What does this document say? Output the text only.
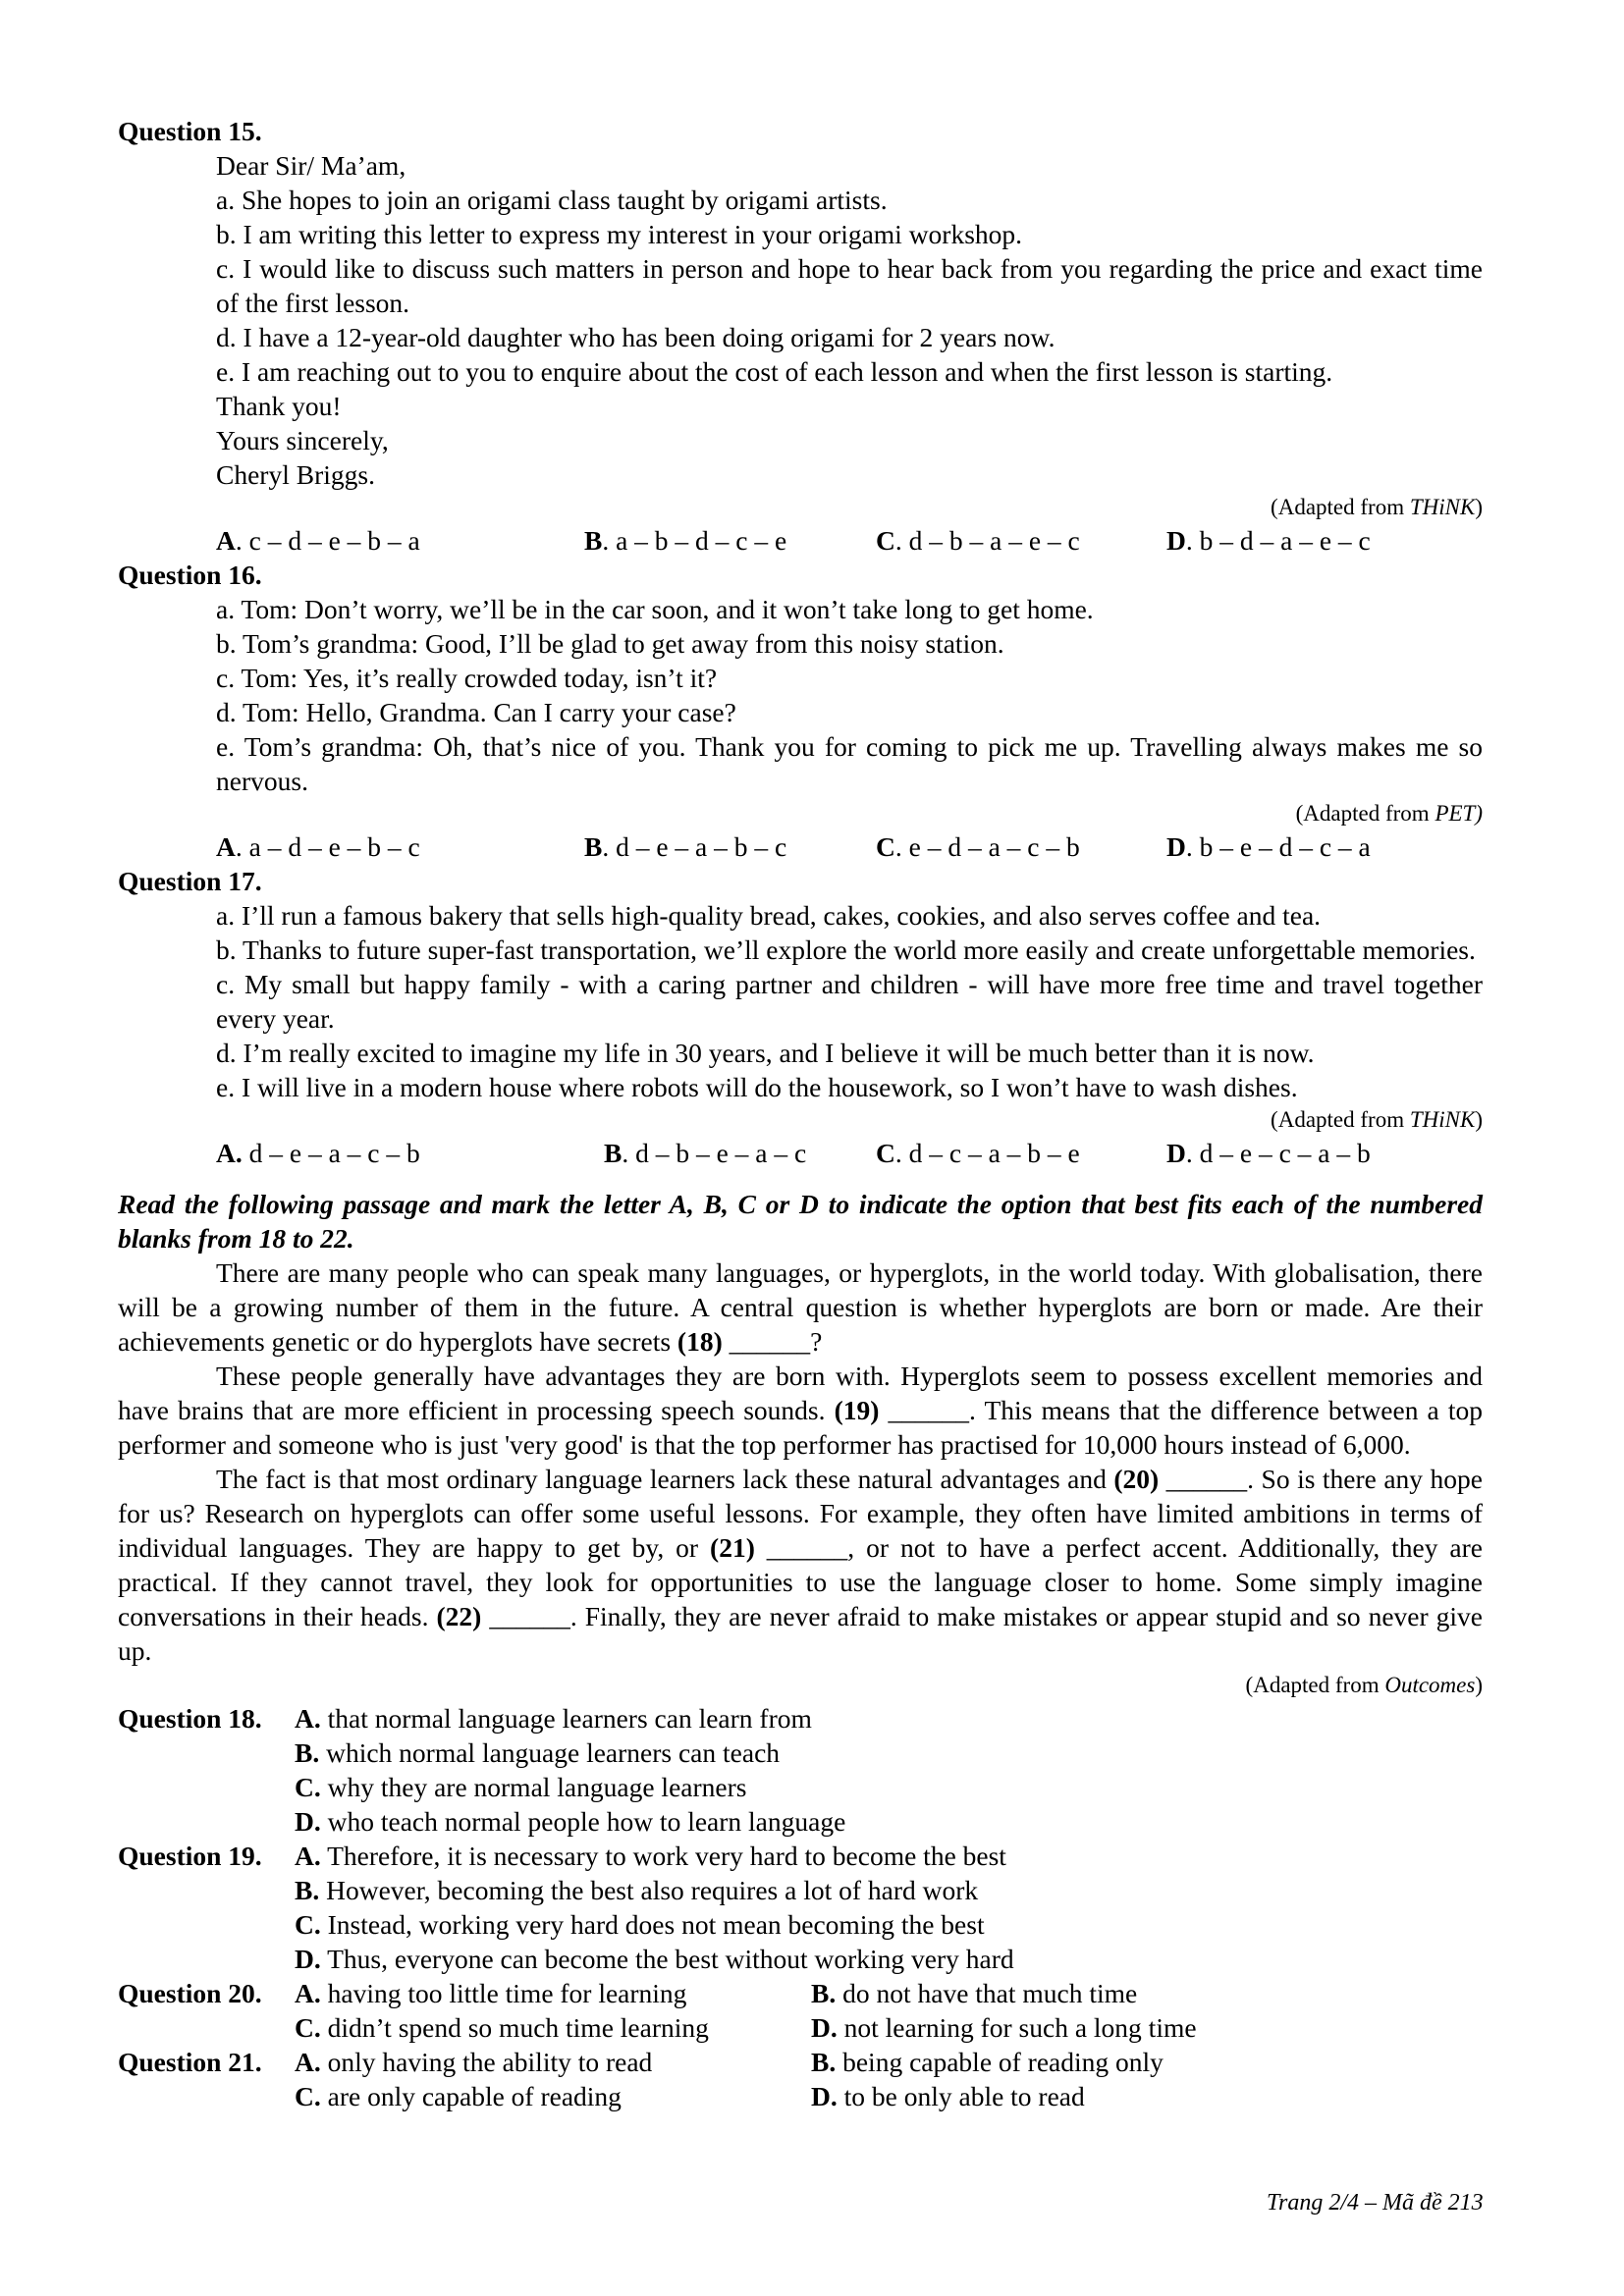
Question 15.
Dear Sir/ Ma’am,
a. She hopes to join an origami class taught by origami artists.
b. I am writing this letter to express my interest in your origami workshop.
c. I would like to discuss such matters in person and hope to hear back from you regarding the price and exact time of the first lesson.
d. I have a 12-year-old daughter who has been doing origami for 2 years now.
e. I am reaching out to you to enquire about the cost of each lesson and when the first lesson is starting.
Thank you!
Yours sincerely,
Cheryl Briggs.
(Adapted from THiNK)
A. c – d – e – b – a	B. a – b – d – c – e	C. d – b – a – e – c	D. b – d – a – e – c
Question 16.
a. Tom: Don’t worry, we’ll be in the car soon, and it won’t take long to get home.
b. Tom’s grandma: Good, I’ll be glad to get away from this noisy station.
c. Tom: Yes, it’s really crowded today, isn’t it?
d. Tom: Hello, Grandma. Can I carry your case?
e. Tom’s grandma: Oh, that’s nice of you. Thank you for coming to pick me up. Travelling always makes me so nervous.
(Adapted from PET)
A. a – d – e – b – c	B. d – e – a – b – c	C. e – d – a – c – b	D. b – e – d – c – a
Question 17.
a. I’ll run a famous bakery that sells high-quality bread, cakes, cookies, and also serves coffee and tea.
b. Thanks to future super-fast transportation, we’ll explore the world more easily and create unforgettable memories.
c. My small but happy family - with a caring partner and children - will have more free time and travel together every year.
d. I’m really excited to imagine my life in 30 years, and I believe it will be much better than it is now.
e. I will live in a modern house where robots will do the housework, so I won’t have to wash dishes.
(Adapted from THiNK)
A. d – e – a – c – b	B. d – b – e – a – c	C. d – c – a – b – e	D. d – e – c – a – b
Read the following passage and mark the letter A, B, C or D to indicate the option that best fits each of the numbered blanks from 18 to 22.
There are many people who can speak many languages, or hyperglots, in the world today. With globalisation, there will be a growing number of them in the future. A central question is whether hyperglots are born or made. Are their achievements genetic or do hyperglots have secrets (18) ______?
These people generally have advantages they are born with. Hyperglots seem to possess excellent memories and have brains that are more efficient in processing speech sounds. (19) ______. This means that the difference between a top performer and someone who is just 'very good' is that the top performer has practised for 10,000 hours instead of 6,000.
The fact is that most ordinary language learners lack these natural advantages and (20) ______. So is there any hope for us? Research on hyperglots can offer some useful lessons. For example, they often have limited ambitions in terms of individual languages. They are happy to get by, or (21) ______, or not to have a perfect accent. Additionally, they are practical. If they cannot travel, they look for opportunities to use the language closer to home. Some simply imagine conversations in their heads. (22) ______. Finally, they are never afraid to make mistakes or appear stupid and so never give up.
(Adapted from Outcomes)
Question 18. A. that normal language learners can learn from
B. which normal language learners can teach
C. why they are normal language learners
D. who teach normal people how to learn language
Question 19. A. Therefore, it is necessary to work very hard to become the best
B. However, becoming the best also requires a lot of hard work
C. Instead, working very hard does not mean becoming the best
D. Thus, everyone can become the best without working very hard
Question 20. A. having too little time for learning	B. do not have that much time
C. didn’t spend so much time learning	D. not learning for such a long time
Question 21. A. only having the ability to read	B. being capable of reading only
C. are only capable of reading	D. to be only able to read
Trang 2/4 – Mã đề 213
